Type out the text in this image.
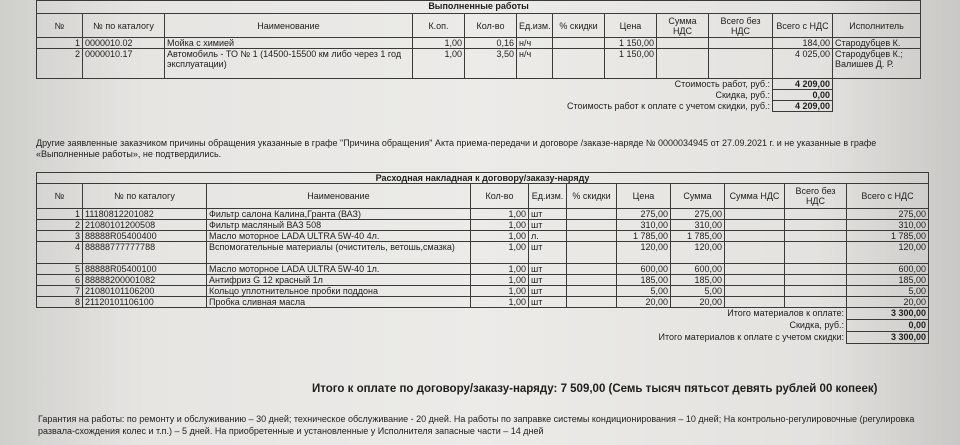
Выполненные работы											
№	№ по каталогу	Наименование	К.оп.	Кол-во	Ед.изм.	% скидки	Цена	Сумма НДС	Всего без НДС	Всего с НДС	Исполнитель
1	0000010.02	Мойка с химией	1,00	0,16	н/ч		1 150,00			184,00	Стародубцев К.
2	0000010.17	Автомобиль - ТО № 1 (14500-15500 км либо через 1 год эксплуатации)	1,00	3,50	н/ч		1 150,00			4 025,00	Стародубцев К.; Валишев Д. Р.
Стоимость работ, руб.:										4 209,00	
Скидка, руб.:										0,00	
Стоимость работ к оплате с учетом скидки, руб.:										4 209,00	
Другие заявленные заказчиком причины обращения указанные в графе "Причина обращения" Акта приема-передачи и договоре /заказе-наряде № 0000034945 от 27.09.2021 г. и не указанные в графе «Выполненные работы», не подтвердились.
Расходная накладная к договору/заказу-наряду										
№	№ по каталогу	Наименование	Кол-во	Ед.изм.	% скидки	Цена	Сумма	Сумма НДС	Всего без НДС	Всего с НДС
1	11180812201082	Фильтр салона Калина,Гранта (ВАЗ)	1,00	шт		275,00	275,00			275,00
2	21080101200508	Фильтр масляный ВАЗ 508	1,00	шт		310,00	310,00			310,00
3	88888R05400400	Масло моторное LADA ULTRA 5W-40 4л.	1,00	л.		1 785,00	1 785,00			1 785,00
4	88888777777788	Вспомогательные материалы (очиститель, ветошь,смазка)	1,00	шт		120,00	120,00			120,00
5	88888R05400100	Масло моторное LADA ULTRA 5W-40 1л.	1,00	шт		600,00	600,00			600,00
6	88888200001082	Антифриз G 12 красный 1л	1,00	шт		185,00	185,00			185,00
7	21080101106200	Кольцо уплотнительное пробки поддона	1,00	шт		5,00	5,00			5,00
8	21120101106100	Пробка сливная масла	1,00	шт		20,00	20,00			20,00
Итого материалов к оплате:										3 300,00
Скидка, руб.:										0,00
Итого материалов к оплате с учетом скидки:										3 300,00
Итого к оплате по договору/заказу-наряду: 7 509,00 (Семь тысяч пятьсот девять рублей 00 копеек)
Гарантия на работы: по ремонту и обслуживанию – 30 дней; техническое обслуживание - 20 дней. На работы по заправке системы кондиционирования – 10 дней; На контрольно-регулировочные (регулировка развала-схождения колес и т.п.) – 5 дней. На приобретенные и установленные у Исполнителя запасные части – 14 дней
